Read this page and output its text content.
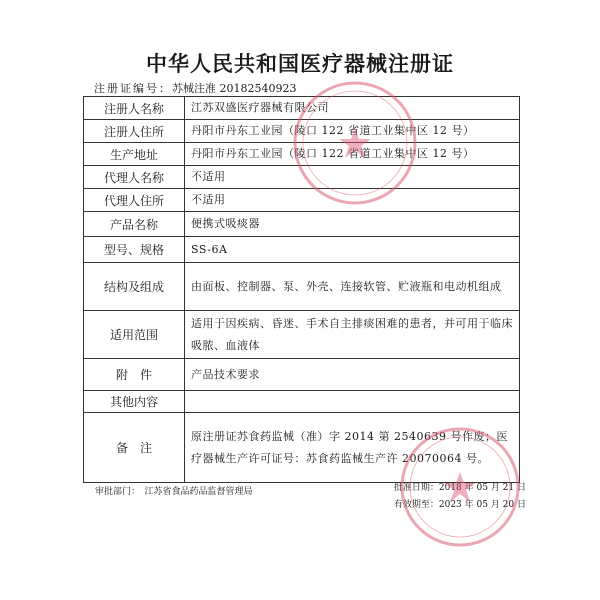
中华人民共和国医疗器械注册证
注册证编号：苏械注准 20182540923
注册人名称	江苏双盛医疗器械有限公司
注册人住所	丹阳市丹东工业园（陵口 122 省道工业集中区 12 号）
生产地址	丹阳市丹东工业园（陵口 122 省道工业集中区 12 号）
代理人名称	不适用
代理人住所	不适用
产品名称	便携式吸痰器
型号、规格	SS-6A
结构及组成	由面板、控制器、泵、外壳、连接软管、贮液瓶和电动机组成
适用范围	适用于因疾病、昏迷、手术自主排痰困难的患者，并可用于临床吸脓、血液体
附　件	产品技术要求
其他内容	
备　注	原注册证苏食药监械（准）字 2014 第 2540639 号作废；医疗器械生产许可证号：苏食药监械生产许 20070064 号。
审批部门：　江苏省食品药品监督管理局	批准日期：2018 年 05 月 21 日
有效期至：2023 年 05 月 20 日
